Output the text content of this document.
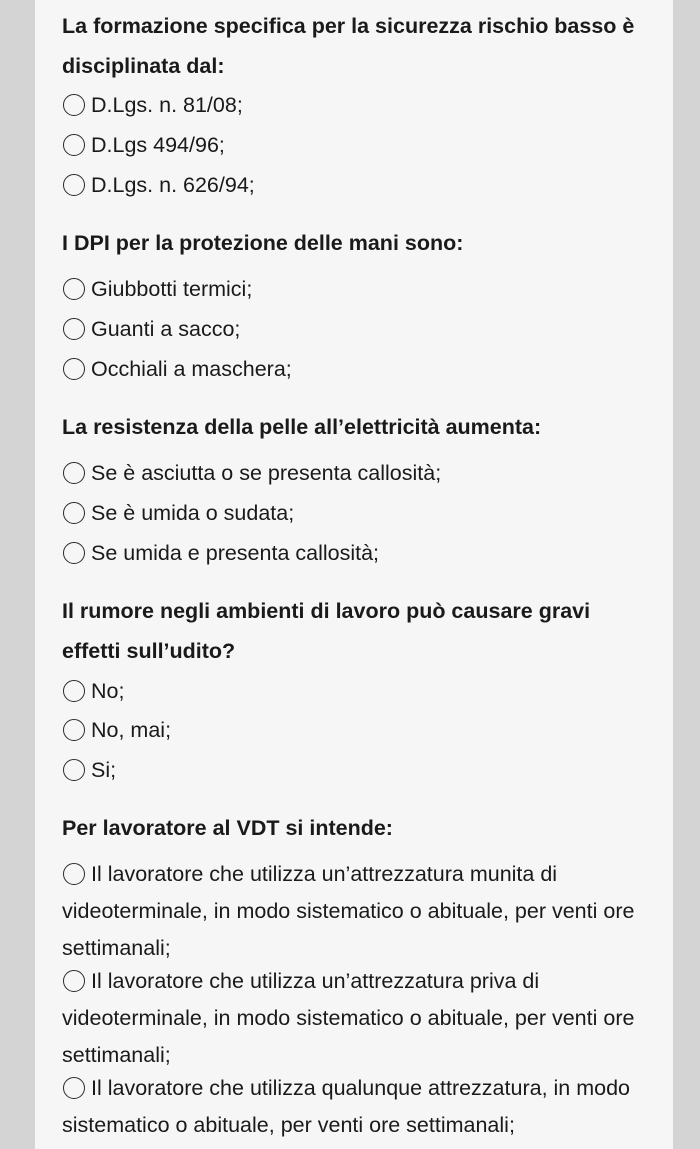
La formazione specifica per la sicurezza rischio basso è disciplinata dal:
D.Lgs. n. 81/08;
D.Lgs 494/96;
D.Lgs. n. 626/94;
I DPI per la protezione delle mani sono:
Giubbotti termici;
Guanti a sacco;
Occhiali a maschera;
La resistenza della pelle all’elettricità aumenta:
Se è asciutta o se presenta callosità;
Se è umida o sudata;
Se umida e presenta callosità;
Il rumore negli ambienti di lavoro può causare gravi effetti sull’udito?
No;
No, mai;
Si;
Per lavoratore al VDT si intende:
Il lavoratore che utilizza un’attrezzatura munita di videoterminale, in modo sistematico o abituale, per venti ore settimanali;
Il lavoratore che utilizza un’attrezzatura priva di videoterminale, in modo sistematico o abituale, per venti ore settimanali;
Il lavoratore che utilizza qualunque attrezzatura, in modo sistematico o abituale, per venti ore settimanali;
